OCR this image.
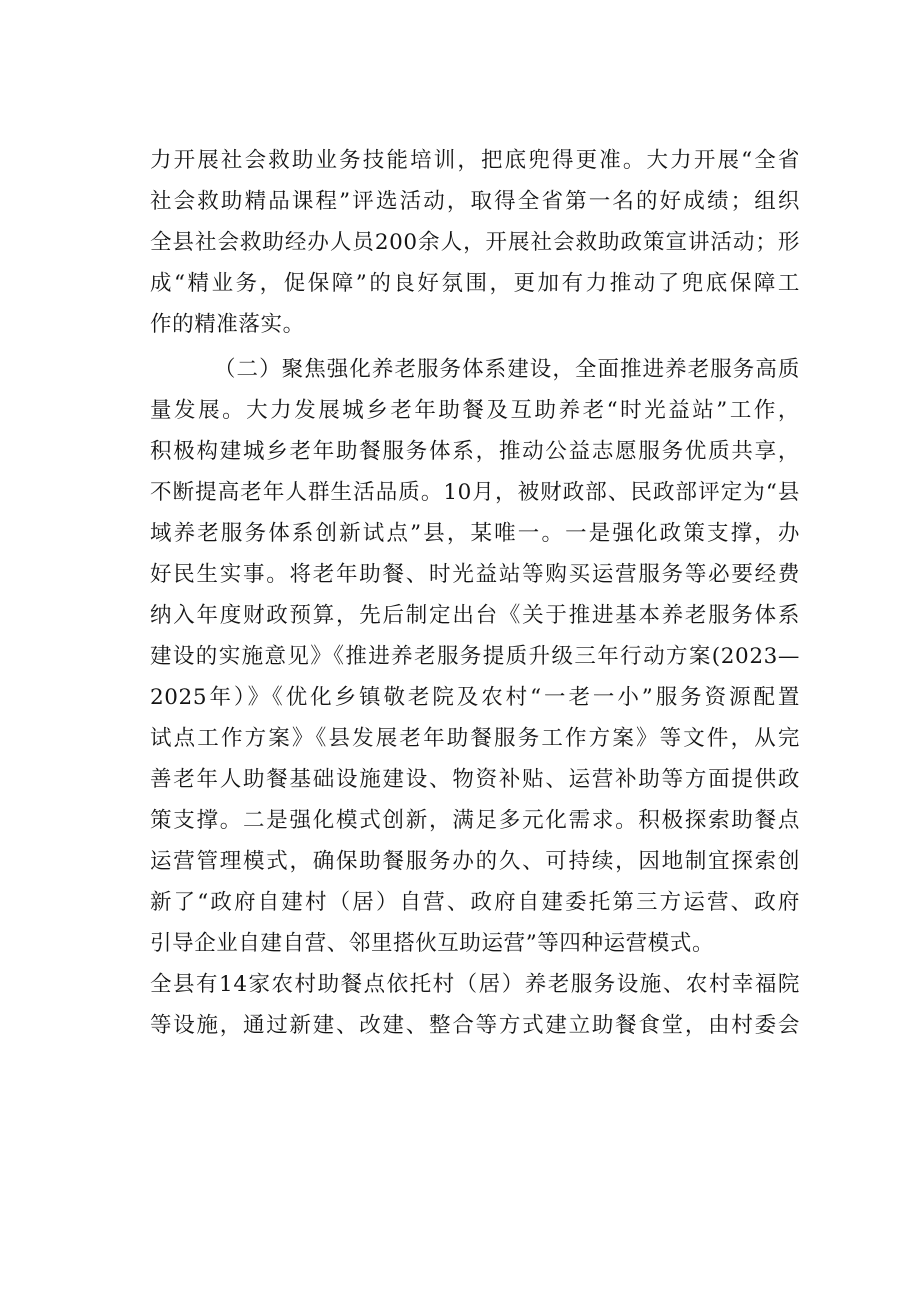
力开展社会救助业务技能培训，把底兜得更准。大力开展“全省
社会救助精品课程”评选活动，取得全省第一名的好成绩；组织
全县社会救助经办人员200余人，开展社会救助政策宣讲活动；形
成“精业务，促保障”的良好氛围，更加有力推动了兜底保障工
作的精准落实。
（二）聚焦强化养老服务体系建设，全面推进养老服务高质
量发展。大力发展城乡老年助餐及互助养老“时光益站”工作，
积极构建城乡老年助餐服务体系，推动公益志愿服务优质共享，
不断提高老年人群生活品质。10月，被财政部、民政部评定为“县
域养老服务体系创新试点”县，某唯一。一是强化政策支撑，办
好民生实事。将老年助餐、时光益站等购买运营服务等必要经费
纳入年度财政预算，先后制定出台《关于推进基本养老服务体系
建设的实施意见》《推进养老服务提质升级三年行动方案(2023—
2025年）》《优化乡镇敬老院及农村“一老一小”服务资源配置
试点工作方案》《县发展老年助餐服务工作方案》等文件，从完
善老年人助餐基础设施建设、物资补贴、运营补助等方面提供政
策支撑。二是强化模式创新，满足多元化需求。积极探索助餐点
运营管理模式，确保助餐服务办的久、可持续，因地制宜探索创
新了“政府自建村（居）自营、政府自建委托第三方运营、政府
引导企业自建自营、邻里搭伙互助运营”等四种运营模式。
全县有14家农村助餐点依托村（居）养老服务设施、农村幸福院
等设施，通过新建、改建、整合等方式建立助餐食堂，由村委会
